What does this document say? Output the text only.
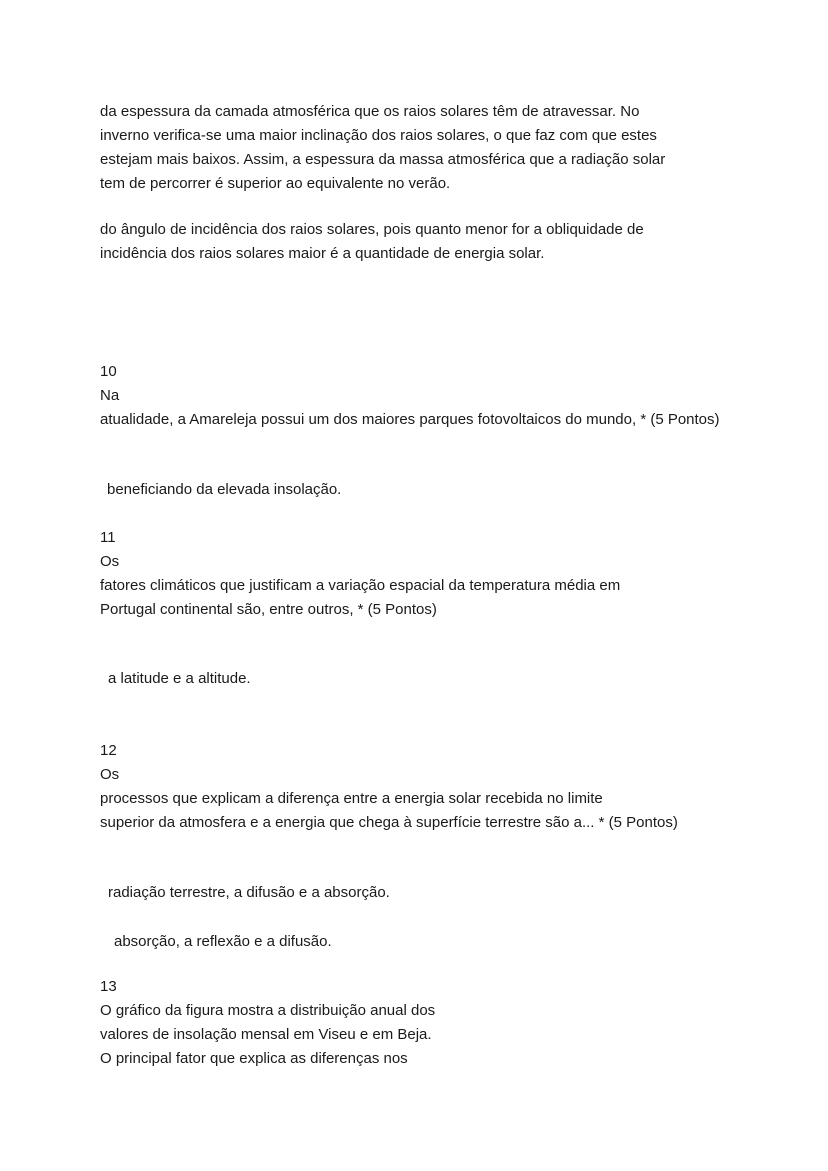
da espessura da camada atmosférica que os raios solares têm de atravessar. No
inverno verifica-se uma maior inclinação dos raios solares, o que faz com que estes
estejam mais baixos. Assim, a espessura da massa atmosférica que a radiação solar
tem de percorrer é superior ao equivalente no verão.
do ângulo de incidência dos raios solares, pois quanto menor for a obliquidade de
incidência dos raios solares maior é a quantidade de energia solar.
10
Na
atualidade, a Amareleja possui um dos maiores parques fotovoltaicos do mundo, * (5 Pontos)
beneficiando da elevada insolação.
11
Os
fatores climáticos que justificam a variação espacial da temperatura média em
Portugal continental são, entre outros, * (5 Pontos)
a latitude e a altitude.
12
Os
processos que explicam a diferença entre a energia solar recebida no limite
superior da atmosfera e a energia que chega à superfície terrestre são a... * (5 Pontos)
radiação terrestre, a difusão e a absorção.
absorção, a reflexão e a difusão.
13
O gráfico da figura mostra a distribuição anual dos
valores de insolação mensal em Viseu e em Beja.
O principal fator que explica as diferenças nos
